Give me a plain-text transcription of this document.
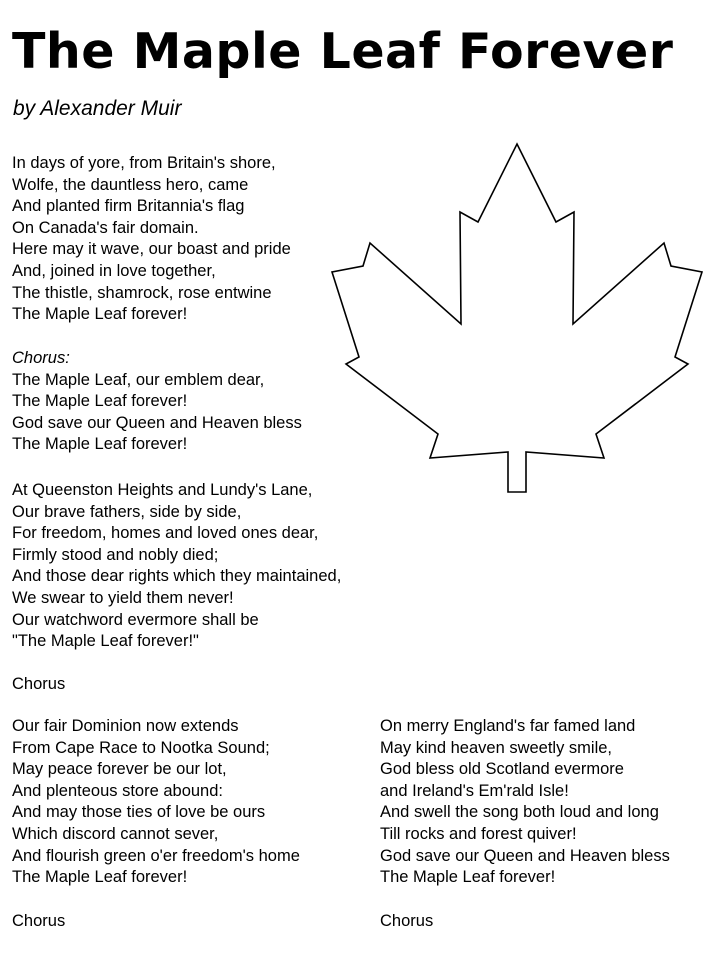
The Maple Leaf Forever
by Alexander Muir
In days of yore, from Britain's shore,
Wolfe, the dauntless hero, came
And planted firm Britannia's flag
On Canada's fair domain.
Here may it wave, our boast and pride
And, joined in love together,
The thistle, shamrock, rose entwine
The Maple Leaf forever!
Chorus:
The Maple Leaf, our emblem dear,
The Maple Leaf forever!
God save our Queen and Heaven bless
The Maple Leaf forever!
At Queenston Heights and Lundy's Lane,
Our brave fathers, side by side,
For freedom, homes and loved ones dear,
Firmly stood and nobly died;
And those dear rights which they maintained,
We swear to yield them never!
Our watchword evermore shall be
"The Maple Leaf forever!"
Chorus
Our fair Dominion now extends
From Cape Race to Nootka Sound;
May peace forever be our lot,
And plenteous store abound:
And may those ties of love be ours
Which discord cannot sever,
And flourish green o'er freedom's home
The Maple Leaf forever!
Chorus
On merry England's far famed land
May kind heaven sweetly smile,
God bless old Scotland evermore
and Ireland's Em'rald Isle!
And swell the song both loud and long
Till rocks and forest quiver!
God save our Queen and Heaven bless
The Maple Leaf forever!
Chorus
